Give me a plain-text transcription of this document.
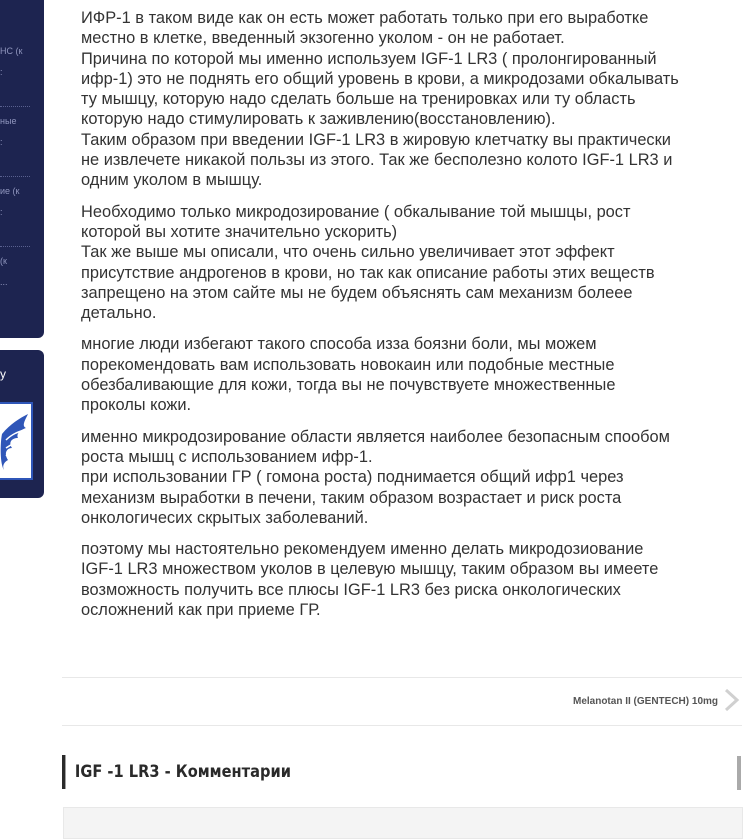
НС (к
:
ные
:
ие (к
:
(к
...
y

ИФР-1 в таком виде как он есть может работать только при его выработке
местно в клетке, введенный экзогенно уколом - он не работает.
Причина по которой мы именно используем IGF-1 LR3 ( пролонгированный
ифр-1) это не поднять его общий уровень в крови, а микродозами обкалывать
ту мышцу, которую надо сделать больше на тренировках или ту область
которую надо стимулировать к заживлению(восстановлению).
Таким образом при введении IGF-1 LR3 в жировую клетчатку вы практически
не извлечете никакой пользы из этого. Так же бесполезно колото IGF-1 LR3 и
одним уколом в мышцу.

Необходимо только микродозирование ( обкалывание той мышцы, рост
которой вы хотите значительно ускорить)
Так же выше мы описали, что очень сильно увеличивает этот эффект
присутствие андрогенов в крови, но так как описание работы этих веществ
запрещено на этом сайте мы не будем объяснять сам механизм болеее
детально.

многие люди избегают такого способа изза боязни боли, мы можем
порекомендовать вам использовать новокаин или подобные местные
обезбаливающие для кожи, тогда вы не почувствуете множественные
проколы кожи.

именно микродозирование области является наиболее безопасным спообом
роста мышц с использованием ифр-1.
при использовании ГР ( гомона роста) поднимается общий ифр1 через
механизм выработки в печени, таким образом возрастает и риск роста
онкологичесих скрытых заболеваний.

поэтому мы настоятельно рекомендуем именно делать микродозиование
IGF-1 LR3 множеством уколов в целевую мышцу, таким образом вы имеете
возможность получить все плюсы IGF-1 LR3 без риска онкологических
осложнений как при приеме ГР.

Melanotan II (GENTECH) 10mg
IGF -1 LR3 - Комментарии
